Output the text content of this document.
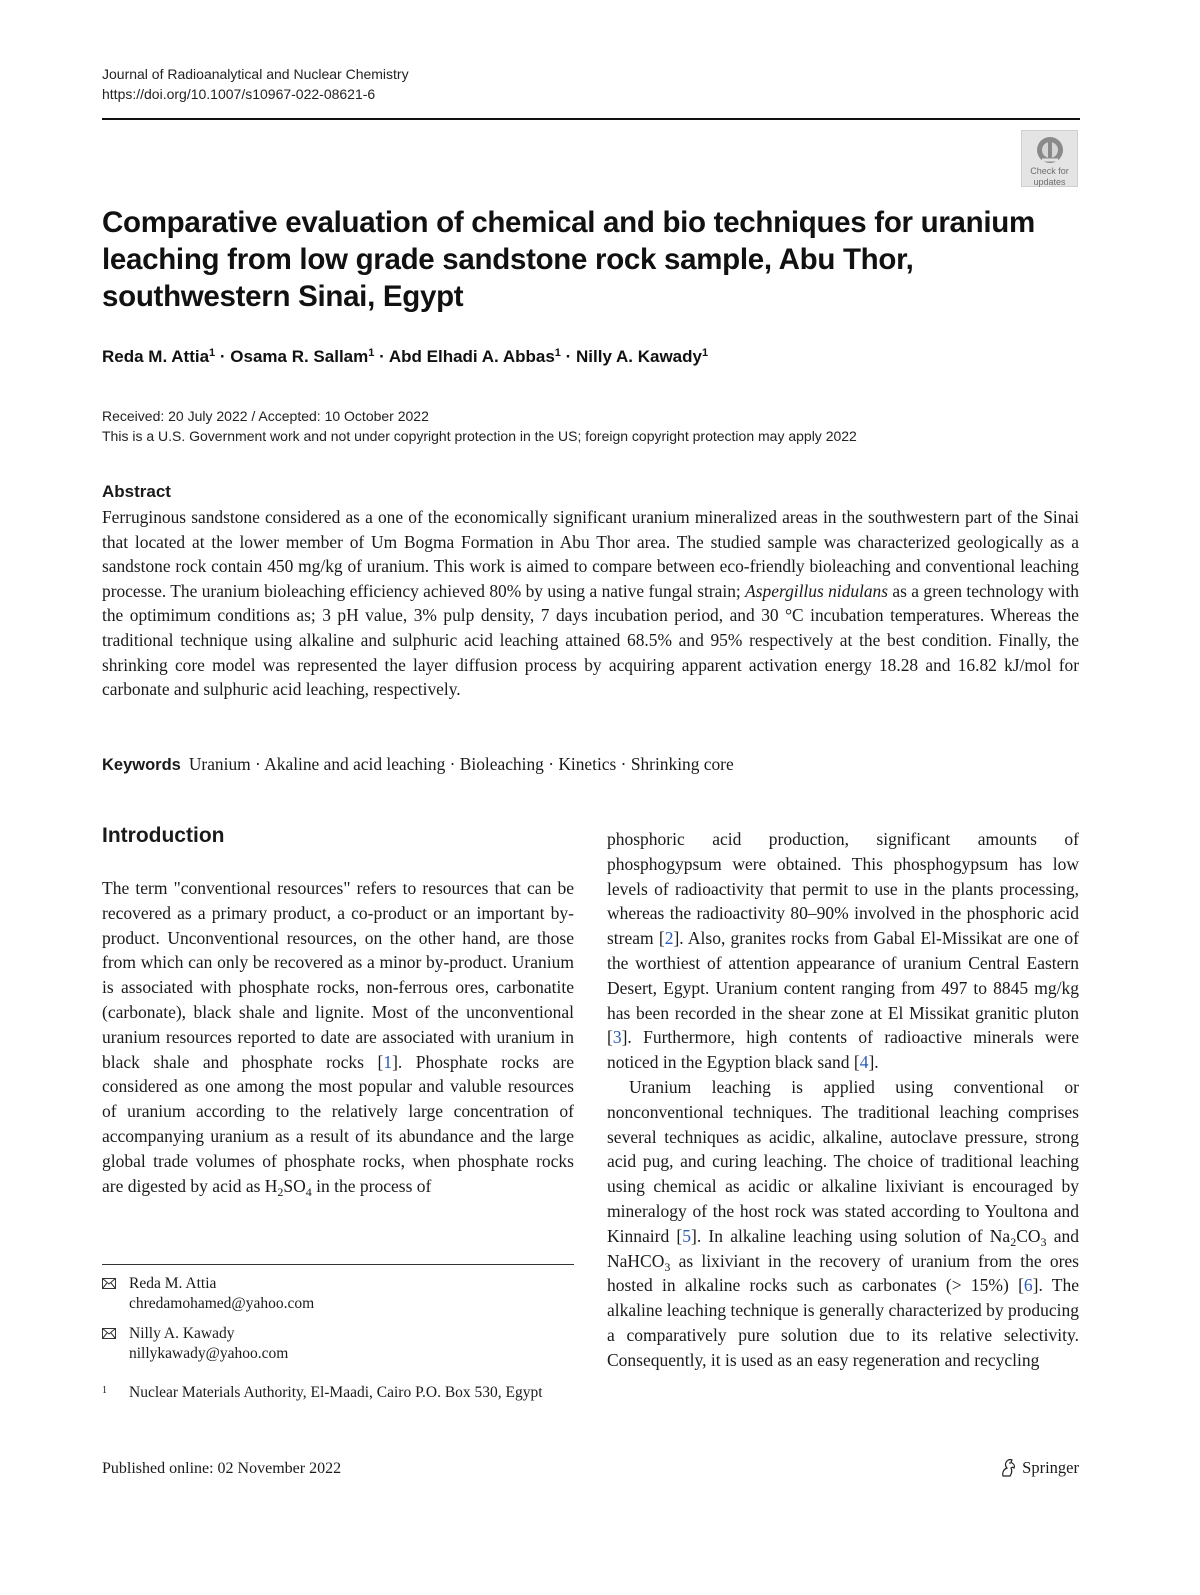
Journal of Radioanalytical and Nuclear Chemistry
https://doi.org/10.1007/s10967-022-08621-6
Check for
updates
Comparative evaluation of chemical and bio techniques for uranium leaching from low grade sandstone rock sample, Abu Thor, southwestern Sinai, Egypt
Reda M. Attia$^1$ · Osama R. Sallam$^1$ · Abd Elhadi A. Abbas$^1$ · Nilly A. Kawady$^1$
Received: 20 July 2022 / Accepted: 10 October 2022
This is a U.S. Government work and not under copyright protection in the US; foreign copyright protection may apply 2022
Abstract
Ferruginous sandstone considered as a one of the economically significant uranium mineralized areas in the southwestern part of the Sinai that located at the lower member of Um Bogma Formation in Abu Thor area. The studied sample was characterized geologically as a sandstone rock contain 450 mg/kg of uranium. This work is aimed to compare between eco-friendly bioleaching and conventional leaching processe. The uranium bioleaching efficiency achieved 80% by using a native fungal strain; Aspergillus nidulans as a green technology with the optimimum conditions as; 3 pH value, 3% pulp density, 7 days incubation period, and 30 °C incubation temperatures. Whereas the traditional technique using alkaline and sulphuric acid leaching attained 68.5% and 95% respectively at the best condition. Finally, the shrinking core model was represented the layer diffusion process by acquiring apparent activation energy 18.28 and 16.82 kJ/mol for carbonate and sulphuric acid leaching, respectively.
Keywords Uranium · Akaline and acid leaching · Bioleaching · Kinetics · Shrinking core
Introduction

The term "conventional resources" refers to resources that can be recovered as a primary product, a co-product or an important by-product. Unconventional resources, on the other hand, are those from which can only be recovered as a minor by-product. Uranium is associated with phosphate rocks, non-ferrous ores, carbonatite (carbonate), black shale and lignite. Most of the unconventional uranium resources reported to date are associated with uranium in black shale and phosphate rocks [1]. Phosphate rocks are considered as one among the most popular and valuble resources of uranium according to the relatively large concentration of accompanying uranium as a result of its abundance and the large global trade volumes of phosphate rocks, when phosphate rocks are digested by acid as $H_2SO_4$ in the process of

phosphoric acid production, significant amounts of phosphogypsum were obtained. This phosphogypsum has low levels of radioactivity that permit to use in the plants processing, whereas the radioactivity 80–90% involved in the phosphoric acid stream [2]. Also, granites rocks from Gabal El-Missikat are one of the worthiest of attention appearance of uranium Central Eastern Desert, Egypt. Uranium content ranging from 497 to 8845 mg/kg has been recorded in the shear zone at El Missikat granitic pluton [3]. Furthermore, high contents of radioactive minerals were noticed in the Egyption black sand [4].

Uranium leaching is applied using conventional or nonconventional techniques. The traditional leaching comprises several techniques as acidic, alkaline, autoclave pressure, strong acid pug, and curing leaching. The choice of traditional leaching using chemical as acidic or alkaline lixiviant is encouraged by mineralogy of the host rock was stated according to Youltona and Kinnaird [5]. In alkaline leaching using solution of $Na_2CO_3$ and NaHCO$_3$ as lixiviant in the recovery of uranium from the ores hosted in alkaline rocks such as carbonates (> 15%) [6]. The alkaline leaching technique is generally characterized by producing a comparatively pure solution due to its relative selectivity. Consequently, it is used as an easy regeneration and recycling

Reda M. Attia
chredamohamed@yahoo.com
Nilly A. Kawady
nillykawady@yahoo.com
1 Nuclear Materials Authority, El-Maadi, Cairo P.O. Box 530, Egypt
Published online: 02 November 2022	Springer
